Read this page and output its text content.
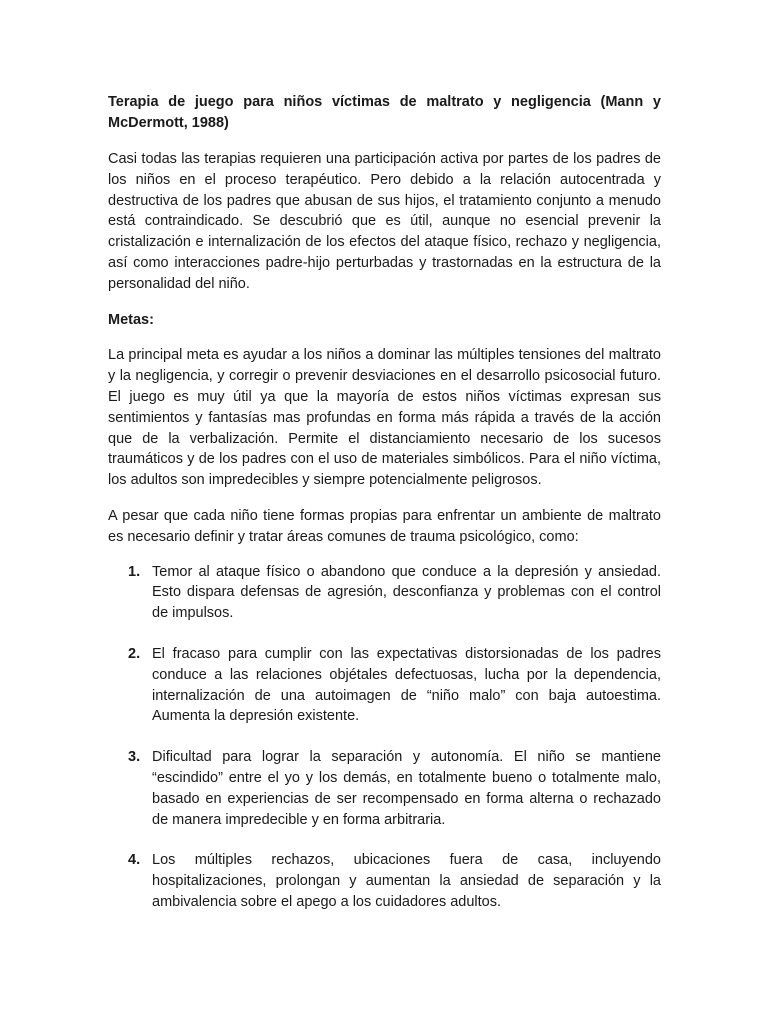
Terapia de juego para niños víctimas de maltrato y negligencia (Mann y McDermott, 1988)

Casi todas las terapias requieren una participación activa por partes de los padres de los niños en el proceso terapéutico. Pero debido a la relación autocentrada y destructiva de los padres que abusan de sus hijos, el tratamiento conjunto a menudo está contraindicado. Se descubrió que es útil, aunque no esencial prevenir la cristalización e internalización de los efectos del ataque físico, rechazo y negligencia, así como interacciones padre-hijo perturbadas y trastornadas en la estructura de la personalidad del niño.

Metas:

La principal meta es ayudar a los niños a dominar las múltiples tensiones del maltrato y la negligencia, y corregir o prevenir desviaciones en el desarrollo psicosocial futuro. El juego es muy útil ya que la mayoría de estos niños víctimas expresan sus sentimientos y fantasías mas profundas en forma más rápida a través de la acción que de la verbalización. Permite el distanciamiento necesario de los sucesos traumáticos y de los padres con el uso de materiales simbólicos. Para el niño víctima, los adultos son impredecibles y siempre potencialmente peligrosos.

A pesar que cada niño tiene formas propias para enfrentar un ambiente de maltrato es necesario definir y tratar áreas comunes de trauma psicológico, como:

1. Temor al ataque físico o abandono que conduce a la depresión y ansiedad. Esto dispara defensas de agresión, desconfianza y problemas con el control de impulsos.
2. El fracaso para cumplir con las expectativas distorsionadas de los padres conduce a las relaciones objétales defectuosas, lucha por la dependencia, internalización de una autoimagen de “niño malo” con baja autoestima. Aumenta la depresión existente.
3. Dificultad para lograr la separación y autonomía. El niño se mantiene “escindido” entre el yo y los demás, en totalmente bueno o totalmente malo, basado en experiencias de ser recompensado en forma alterna o rechazado de manera impredecible y en forma arbitraria.
4. Los múltiples rechazos, ubicaciones fuera de casa, incluyendo hospitalizaciones, prolongan y aumentan la ansiedad de separación y la ambivalencia sobre el apego a los cuidadores adultos.
